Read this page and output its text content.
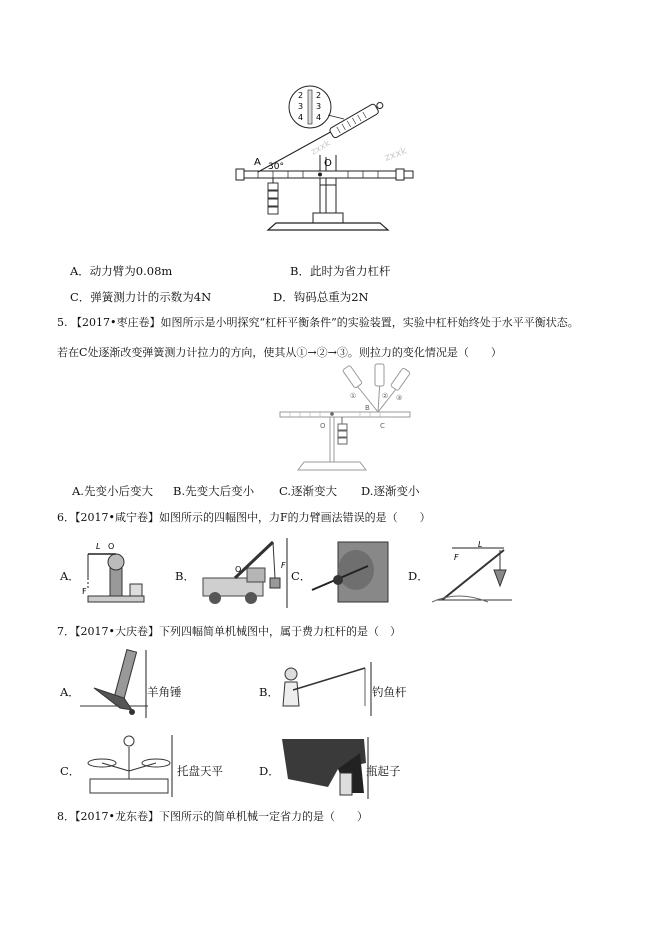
O
A 30°
2
3
4
2
3
4
zxxk
zxxk
A．动力臂为0.08m	B．此时为省力杠杆
C．弹簧测力计的示数为4N	D．钩码总重为2N
5. 【2017•枣庄卷】如图所示是小明探究“杠杆平衡条件”的实验装置，实验中杠杆始终处于水平平衡状态。
若在C处逐渐改变弹簧测力计拉力的方向，使其从①→②→③。则拉力的变化情况是（　　）
O
B
C
①	② ③
A.先变小后变大 B.先变大后变小 C.逐渐变大 D.逐渐变小
6．【2017•咸宁卷】如图所示的四幅图中，力F的力臂画法错误的是（　　）
A．
L O
F
B．	O	F
C． O	D．
L
F
7．【2017•大庆卷】下列四幅简单机械图中，属于费力杠杆的是（　）
A．	羊角锤	B．	钓鱼杆
C．	托盘天平	D．	瓶起子
8．【2017•龙东卷】下图所示的简单机械一定省力的是（　　）
